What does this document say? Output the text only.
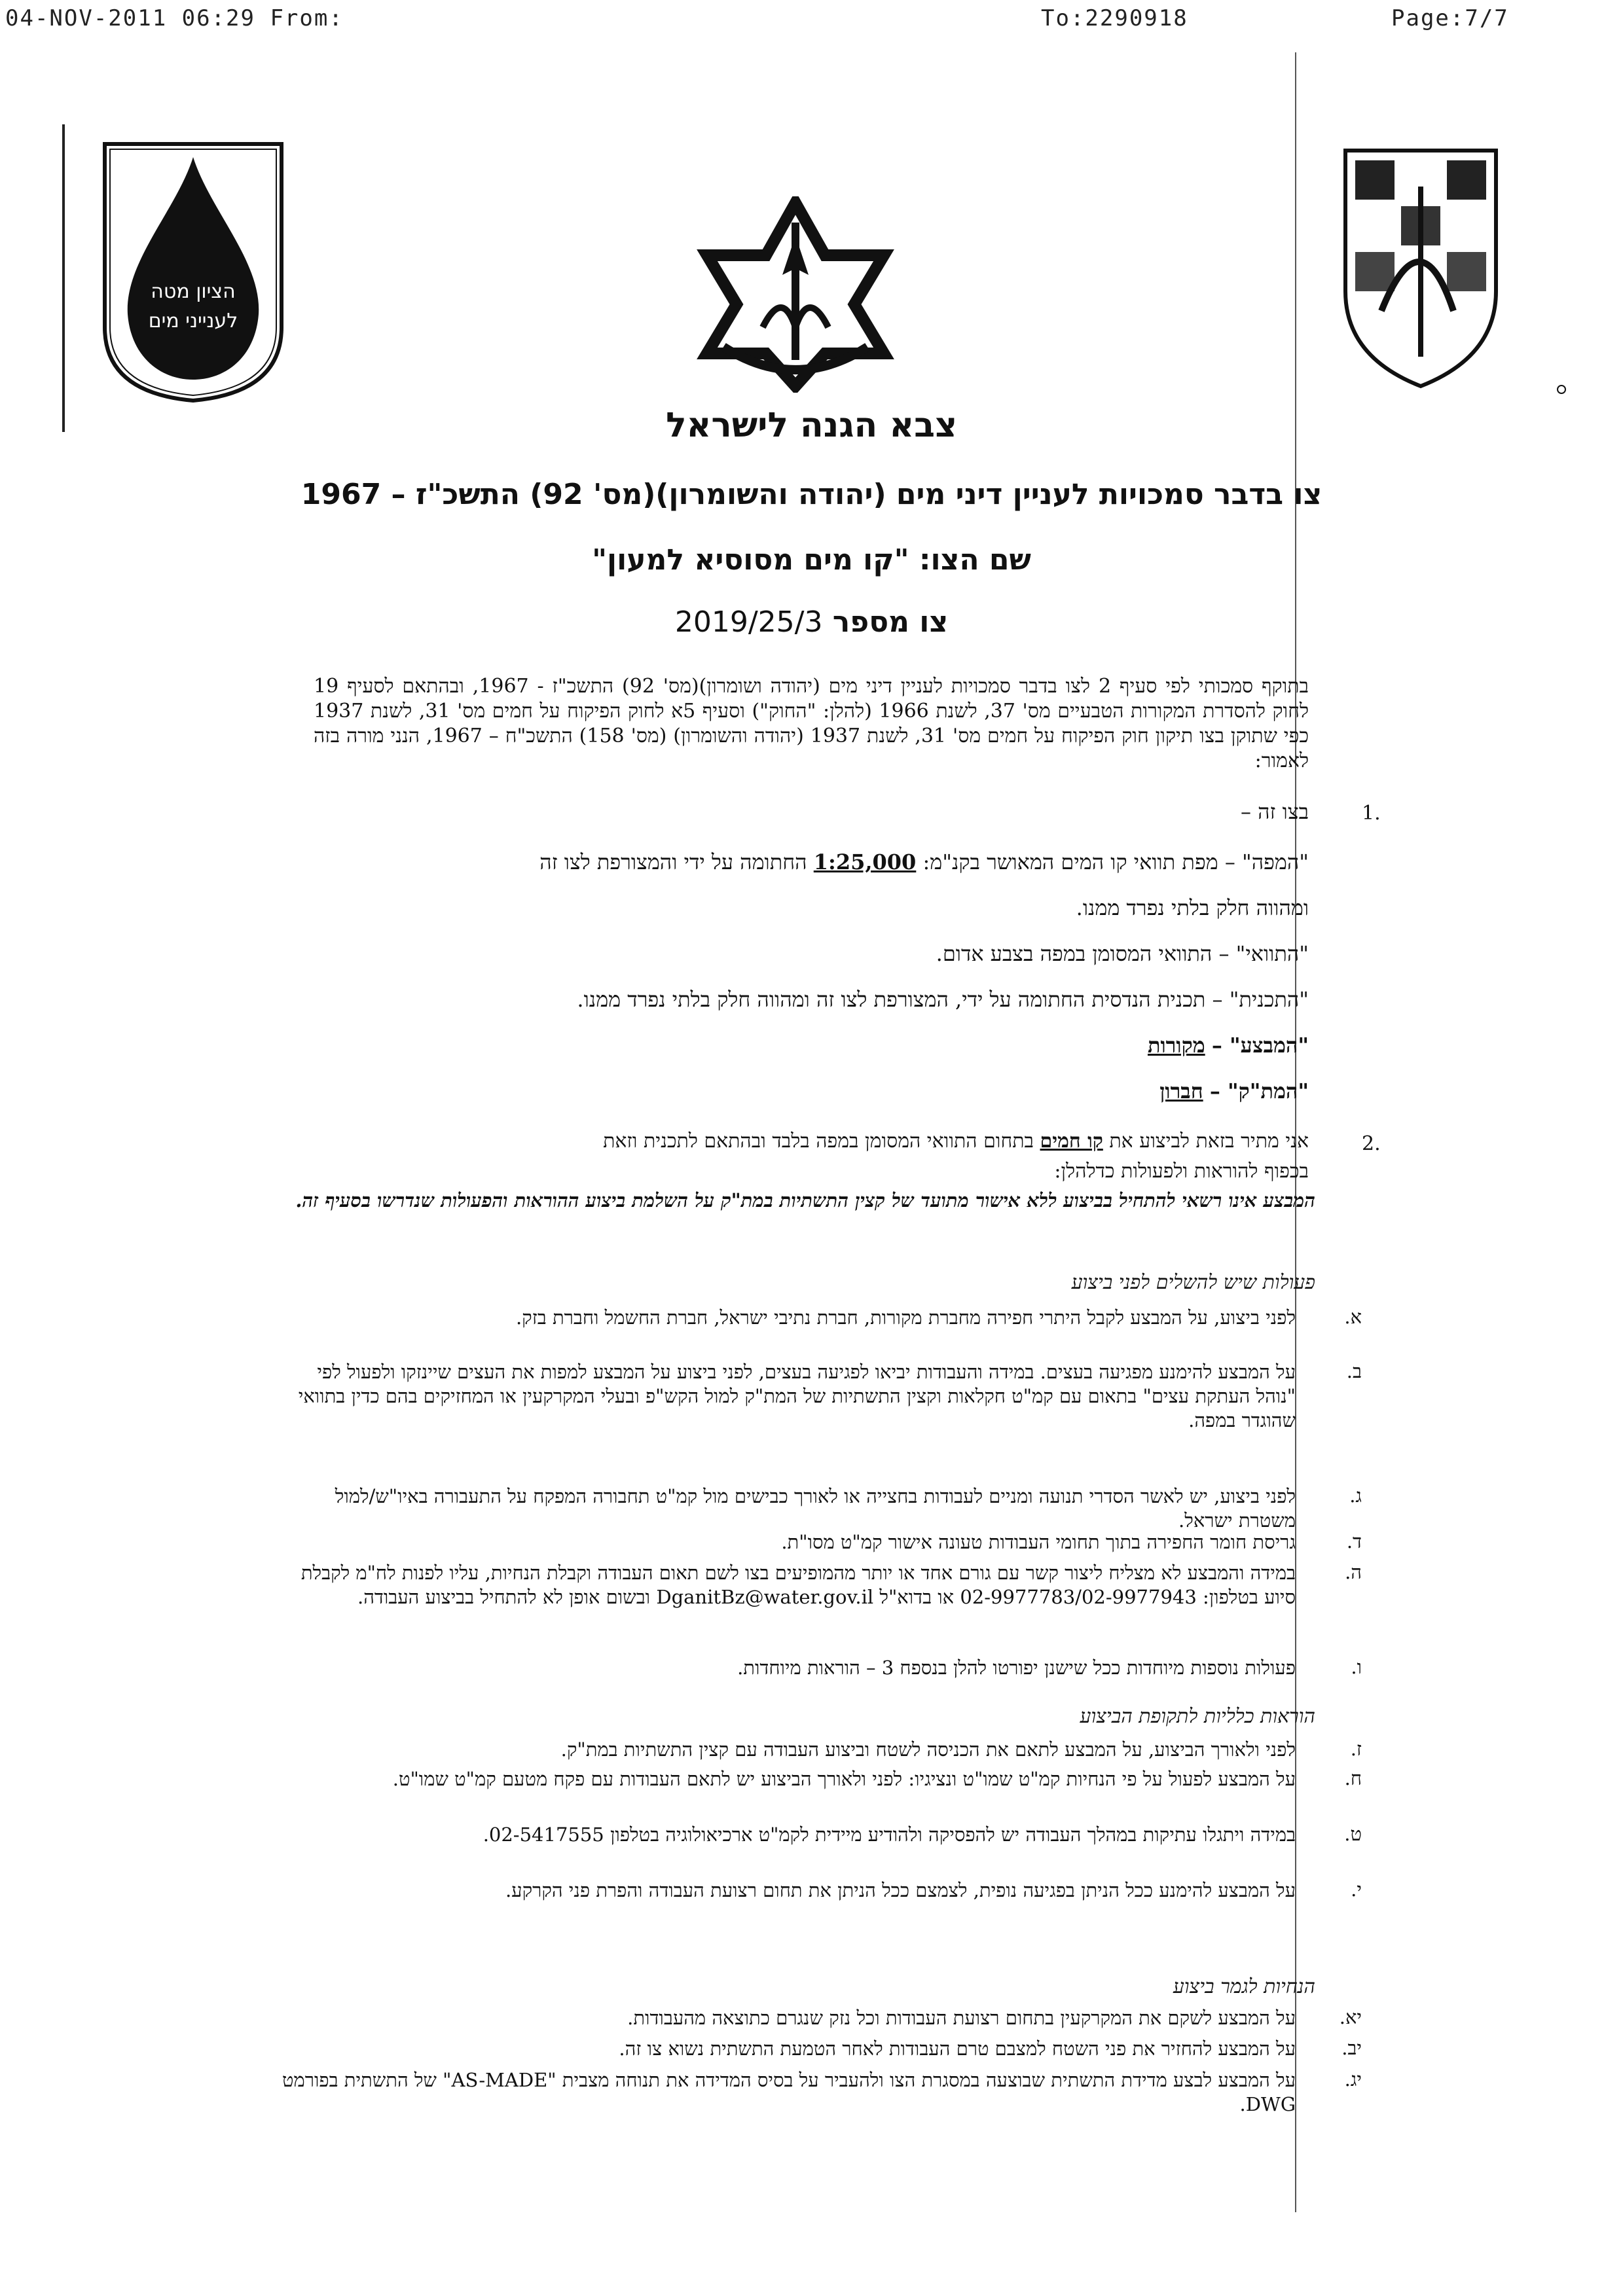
04-NOV-2011 06:29 From:	To:2290918	Page:7/7
הציון מטה
לענייני מים
צבא הגנה לישראל
צו בדבר סמכויות לעניין דיני מים (יהודה והשומרון)(מס' 92) התשכ"ז – 1967
שם הצו: "קו מים מסוסיא למעון"
צו מספר 2019/25/3
בתוקף סמכותי לפי סעיף 2 לצו בדבר סמכויות לעניין דיני מים (יהודה ושומרון)(מס' 92) התשכ"ז - 1967, ובהתאם לסעיף 19 לחוק להסדרת המקורות הטבעיים מס' 37, לשנת 1966 (להלן: "החוק") וסעיף 5א לחוק הפיקוח על חמים מס' 31, לשנת 1937 כפי שתוקן בצו תיקון חוק הפיקוח על חמים מס' 31, לשנת 1937 (יהודה והשומרון) (מס' 158) התשכ"ח – 1967, הנני מורה בזה לאמור:
1.
בצו זה –
"המפה" – מפת תוואי קו המים המאושר בקנ"מ: 1:25,000 החתומה על ידי והמצורפת לצו זה
ומהווה חלק בלתי נפרד ממנו.
"התוואי" – התוואי המסומן במפה בצבע אדום.
"התכנית" – תכנית הנדסית החתומה על ידי, המצורפת לצו זה ומהווה חלק בלתי נפרד ממנו.
"המבצע" – מקורות
"המת"ק" – חברון
2.
אני מתיר בזאת לביצוע את קו חמים בתחום התוואי המסומן במפה בלבד ובהתאם לתכנית וזאת
בכפוף להוראות ולפעולות כדלהלן:
המבצע אינו רשאי להתחיל בביצוע ללא אישור מתועד של קצין התשתיות במת"ק על השלמת ביצוע ההוראות והפעולות שנדרשו בסעיף זה.
פעולות שיש להשלים לפני ביצוע
א.
לפני ביצוע, על המבצע לקבל היתרי חפירה מחברת מקורות, חברת נתיבי ישראל, חברת החשמל וחברת בזק.
ב.
על המבצע להימנע מפגיעה בעצים. במידה והעבודות יביאו לפגיעה בעצים, לפני ביצוע על המבצע למפות את העצים שיינזקו ולפעול לפי "נוהל העתקת עצים" בתאום עם קמ"ט חקלאות וקצין התשתיות של המת"ק למול הקש"פ ובעלי המקרקעין או המחזיקים בהם כדין בתוואי שהוגדר במפה.
ג.
לפני ביצוע, יש לאשר הסדרי תנועה ומניים לעבודות בחצייה או לאורך כבישים מול קמ"ט תחבורה המפקח על התעבורה באיו"ש/למול משטרת ישראל.
ד.
גריסת חומר החפירה בתוך תחומי העבודות טעונה אישור קמ"ט מסו"ת.
ה.
במידה והמבצע לא מצליח ליצור קשר עם גורם אחד או יותר מהמופיעים בצו לשם תאום העבודה וקבלת הנחיות, עליו לפנות לח"מ לקבלת סיוע בטלפון: 02-9977783/02-9977943 או בדוא"ל DganitBz@water.gov.il ובשום אופן לא להתחיל בביצוע העבודה.
ו.
פעולות נוספות מיוחדות ככל שישנן יפורטו להלן בנספח 3 – הוראות מיוחדות.
הוראות כלליות לתקופת הביצוע
ז.
לפני ולאורך הביצוע, על המבצע לתאם את הכניסה לשטח וביצוע העבודה עם קצין התשתיות במת"ק.
ח.
על המבצע לפעול על פי הנחיות קמ"ט שמו"ט ונציגיו: לפני ולאורך הביצוע יש לתאם העבודות עם פקח מטעם קמ"ט שמו"ט.
ט.
במידה ויתגלו עתיקות במהלך העבודה יש להפסיקה ולהודיע מיידית לקמ"ט ארכיאולוגיה בטלפון 02-5417555.
י.
על המבצע להימנע ככל הניתן בפגיעה נופית, לצמצם ככל הניתן את תחום רצועת העבודה והפרת פני הקרקע.
הנחיות לגמר ביצוע
יא.
על המבצע לשקם את המקרקעין בתחום רצועת העבודות וכל נזק שנגרם כתוצאה מהעבודות.
יב.
על המבצע להחזיר את פני השטח למצבם טרם העבודות לאחר הטמעת התשתית נשוא צו זה.
יג.
על המבצע לבצע מדידת התשתית שבוצעה במסגרת הצו ולהעביר על בסיס המדידה את תנוחה מצבית "AS-MADE" של התשתית בפורמט DWG.
